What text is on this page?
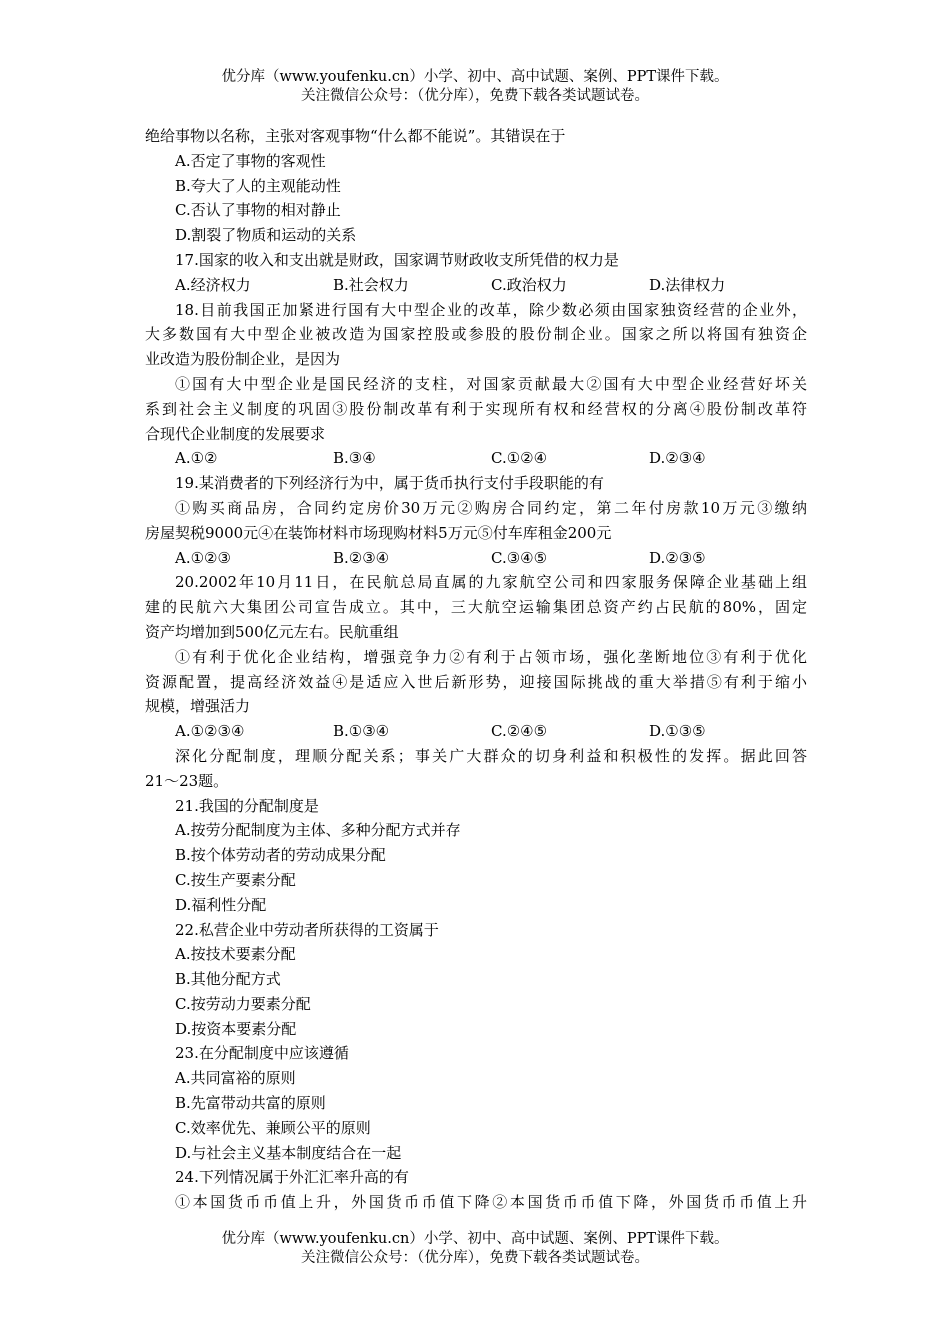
优分库（www.youfenku.cn）小学、初中、高中试题、案例、PPT课件下载。
关注微信公众号：（优分库），免费下载各类试题试卷。
绝给事物以名称，主张对客观事物“什么都不能说”。其错误在于
A.否定了事物的客观性
B.夸大了人的主观能动性
C.否认了事物的相对静止
D.割裂了物质和运动的关系
17.国家的收入和支出就是财政，国家调节财政收支所凭借的权力是
A.经济权力	B.社会权力	C.政治权力	D.法律权力
18.目前我国正加紧进行国有大中型企业的改革，除少数必须由国家独资经营的企业外，
大多数国有大中型企业被改造为国家控股或参股的股份制企业。国家之所以将国有独资企
业改造为股份制企业，是因为
①国有大中型企业是国民经济的支柱，对国家贡献最大②国有大中型企业经营好坏关
系到社会主义制度的巩固③股份制改革有利于实现所有权和经营权的分离④股份制改革符
合现代企业制度的发展要求
A.①②	B.③④	C.①②④	D.②③④
19.某消费者的下列经济行为中，属于货币执行支付手段职能的有
①购买商品房，合同约定房价30万元②购房合同约定，第二年付房款10万元③缴纳
房屋契税9000元④在装饰材料市场现购材料5万元⑤付车库租金200元
A.①②③	B.②③④	C.③④⑤	D.②③⑤
20.2002年10月11日，在民航总局直属的九家航空公司和四家服务保障企业基础上组
建的民航六大集团公司宣告成立。其中，三大航空运输集团总资产约占民航的80%，固定
资产均增加到500亿元左右。民航重组
①有利于优化企业结构，增强竞争力②有利于占领市场，强化垄断地位③有利于优化
资源配置，提高经济效益④是适应入世后新形势，迎接国际挑战的重大举措⑤有利于缩小
规模，增强活力
A.①②③④	B.①③④	C.②④⑤	D.①③⑤
深化分配制度，理顺分配关系；事关广大群众的切身利益和积极性的发挥。据此回答
21～23题。
21.我国的分配制度是
A.按劳分配制度为主体、多种分配方式并存
B.按个体劳动者的劳动成果分配
C.按生产要素分配
D.福利性分配
22.私营企业中劳动者所获得的工资属于
A.按技术要素分配
B.其他分配方式
C.按劳动力要素分配
D.按资本要素分配
23.在分配制度中应该遵循
A.共同富裕的原则
B.先富带动共富的原则
C.效率优先、兼顾公平的原则
D.与社会主义基本制度结合在一起
24.下列情况属于外汇汇率升高的有
①本国货币币值上升，外国货币币值下降②本国货币币值下降，外国货币币值上升
优分库（www.youfenku.cn）小学、初中、高中试题、案例、PPT课件下载。
关注微信公众号：（优分库），免费下载各类试题试卷。
